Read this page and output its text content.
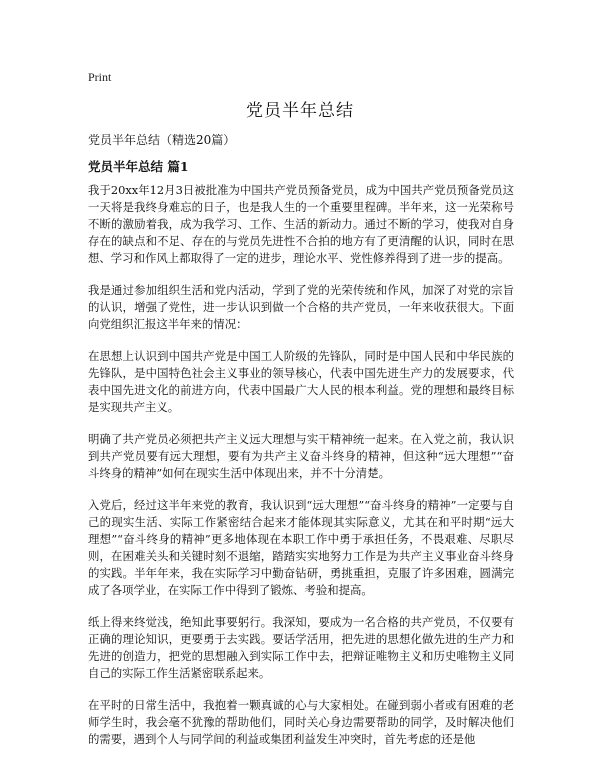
Print
党员半年总结

党员半年总结（精选20篇）

党员半年总结 篇1

我于20xx年12月3日被批准为中国共产党员预备党员，成为中国共产党员预备党员这一天将是我终身难忘的日子，也是我人生的一个重要里程碑。半年来，这一光荣称号不断的激励着我，成为我学习、工作、生活的新动力。通过不断的学习，使我对自身存在的缺点和不足、存在的与党员先进性不合拍的地方有了更清醒的认识，同时在思想、学习和作风上都取得了一定的进步，理论水平、党性修养得到了进一步的提高。

我是通过参加组织生活和党内活动，学到了党的光荣传统和作风，加深了对党的宗旨的认识，增强了党性，进一步认识到做一个合格的共产党员，一年来收获很大。下面向党组织汇报这半年来的情况：

在思想上认识到中国共产党是中国工人阶级的先锋队，同时是中国人民和中华民族的先锋队，是中国特色社会主义事业的领导核心，代表中国先进生产力的发展要求，代表中国先进文化的前进方向，代表中国最广大人民的根本利益。党的理想和最终目标是实现共产主义。

明确了共产党员必须把共产主义远大理想与实干精神统一起来。在入党之前，我认识到共产党员要有远大理想，要有为共产主义奋斗终身的精神，但这种“远大理想”“奋斗终身的精神”如何在现实生活中体现出来，并不十分清楚。

入党后，经过这半年来党的教育，我认识到“远大理想”“奋斗终身的精神”一定要与自己的现实生活、实际工作紧密结合起来才能体现其实际意义，尤其在和平时期“远大理想”“奋斗终身的精神”更多地体现在本职工作中勇于承担任务，不畏艰难、尽职尽则，在困难关头和关键时刻不退缩，踏踏实实地努力工作是为共产主义事业奋斗终身的实践。半年年来，我在实际学习中勤奋钻研，勇挑重担，克服了许多困难，圆满完成了各项学业，在实际工作中得到了锻炼、考验和提高。

纸上得来终觉浅，绝知此事要躬行。我深知，要成为一名合格的共产党员，不仅要有正确的理论知识，更要勇于去实践。要话学活用，把先进的思想化做先进的生产力和先进的创造力，把党的思想融入到实际工作中去，把辩证唯物主义和历史唯物主义同自己的实际工作生活紧密联系起来。

在平时的日常生活中，我抱着一颗真诚的心与大家相处。在碰到弱小者或有困难的老师学生时，我会毫不犹豫的帮助他们，同时关心身边需要帮助的同学，及时解决他们的需要，遇到个人与同学间的利益或集团利益发生冲突时，首先考虑的还是他
